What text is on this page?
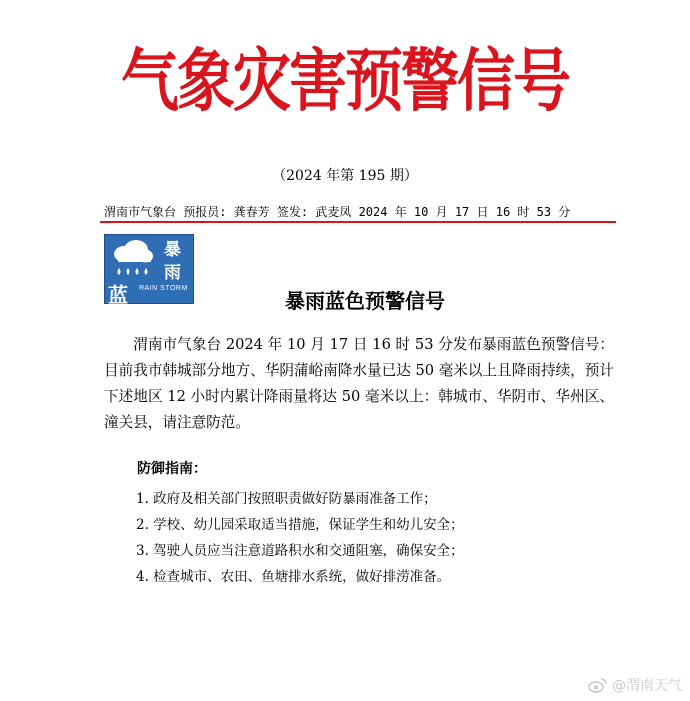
气象灾害预警信号
（2024 年第 195 期）
渭南市气象台 预报员: 龚春芳 签发: 武麦凤 2024 年 10 月 17 日 16 时 53 分
暴
雨
蓝 RAIN STORM
暴雨蓝色预警信号
渭南市气象台 2024 年 10 月 17 日 16 时 53 分发布暴雨蓝色预警信号：目前我市韩城部分地方、华阴蒲峪南降水量已达 50 毫米以上且降雨持续，预计下述地区 12 小时内累计降雨量将达 50 毫米以上：韩城市、华阴市、华州区、潼关县，请注意防范。
防御指南：
1. 政府及相关部门按照职责做好防暴雨准备工作；
2. 学校、幼儿园采取适当措施，保证学生和幼儿安全；
3. 驾驶人员应当注意道路积水和交通阻塞，确保安全；
4. 检查城市、农田、鱼塘排水系统，做好排涝准备。
@渭南天气
